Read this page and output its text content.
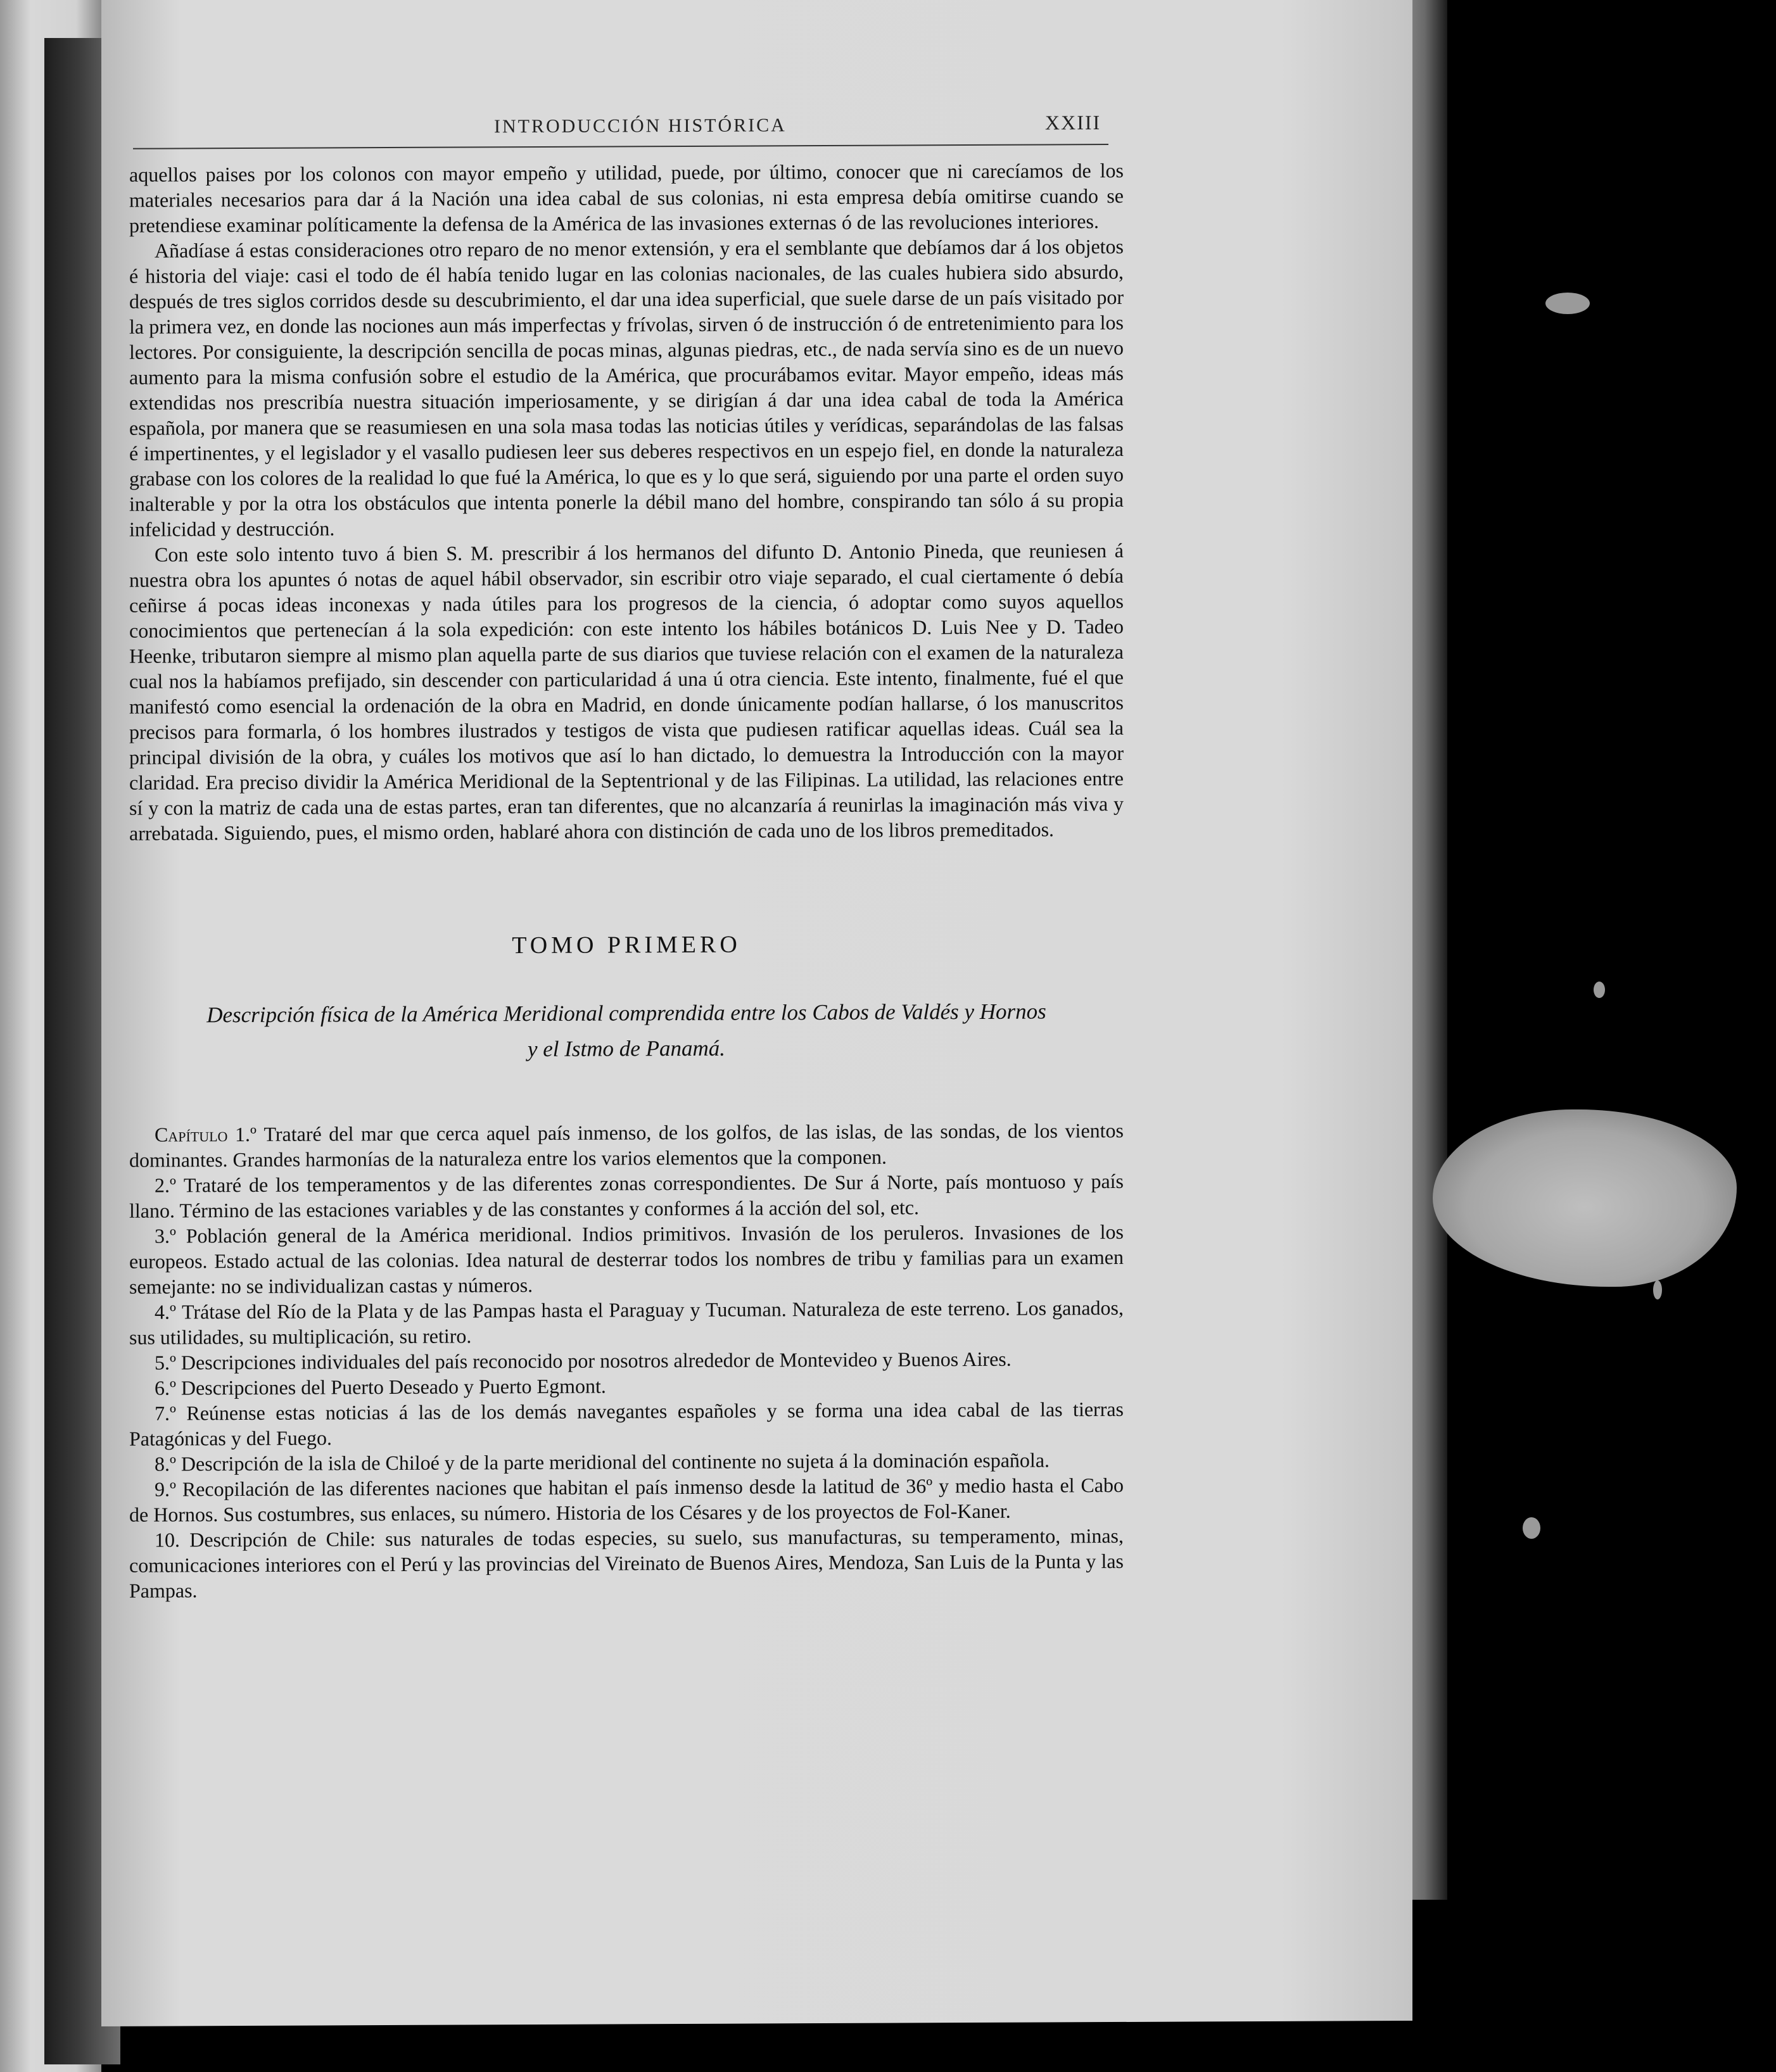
INTRODUCCIÓN HISTÓRICA	XXIII

aquellos paises por los colonos con mayor empeño y utilidad, puede, por último, conocer que ni carecíamos de los materiales necesarios para dar á la Nación una idea cabal de sus colonias, ni esta empresa debía omitirse cuando se pretendiese examinar políticamente la defensa de la América de las invasiones externas ó de las revoluciones interiores.

Añadíase á estas consideraciones otro reparo de no menor extensión, y era el semblante que debíamos dar á los objetos é historia del viaje: casi el todo de él había tenido lugar en las colonias nacionales, de las cuales hubiera sido absurdo, después de tres siglos corridos desde su descubrimiento, el dar una idea superficial, que suele darse de un país visitado por la primera vez, en donde las nociones aun más imperfectas y frívolas, sirven ó de instrucción ó de entretenimiento para los lectores. Por consiguiente, la descripción sencilla de pocas minas, algunas piedras, etc., de nada servía sino es de un nuevo aumento para la misma confusión sobre el estudio de la América, que procurábamos evitar. Mayor empeño, ideas más extendidas nos prescribía nuestra situación imperiosamente, y se dirigían á dar una idea cabal de toda la América española, por manera que se reasumiesen en una sola masa todas las noticias útiles y verídicas, separándolas de las falsas é impertinentes, y el legislador y el vasallo pudiesen leer sus deberes respectivos en un espejo fiel, en donde la naturaleza grabase con los colores de la realidad lo que fué la América, lo que es y lo que será, siguiendo por una parte el orden suyo inalterable y por la otra los obstáculos que intenta ponerle la débil mano del hombre, conspirando tan sólo á su propia infelicidad y destrucción.

Con este solo intento tuvo á bien S. M. prescribir á los hermanos del difunto D. Antonio Pineda, que reuniesen á nuestra obra los apuntes ó notas de aquel hábil observador, sin escribir otro viaje separado, el cual ciertamente ó debía ceñirse á pocas ideas inconexas y nada útiles para los progresos de la ciencia, ó adoptar como suyos aquellos conocimientos que pertenecían á la sola expedición: con este intento los hábiles botánicos D. Luis Nee y D. Tadeo Heenke, tributaron siempre al mismo plan aquella parte de sus diarios que tuviese relación con el examen de la naturaleza cual nos la habíamos prefijado, sin descender con particularidad á una ú otra ciencia. Este intento, finalmente, fué el que manifestó como esencial la ordenación de la obra en Madrid, en donde únicamente podían hallarse, ó los manuscritos precisos para formarla, ó los hombres ilustrados y testigos de vista que pudiesen ratificar aquellas ideas. Cuál sea la principal división de la obra, y cuáles los motivos que así lo han dictado, lo demuestra la Introducción con la mayor claridad. Era preciso dividir la América Meridional de la Septentrional y de las Filipinas. La utilidad, las relaciones entre sí y con la matriz de cada una de estas partes, eran tan diferentes, que no alcanzaría á reunirlas la imaginación más viva y arrebatada. Siguiendo, pues, el mismo orden, hablaré ahora con distinción de cada uno de los libros premeditados.

TOMO PRIMERO
Descripción física de la América Meridional comprendida entre los Cabos de Valdés y Hornos
y el Istmo de Panamá.

Capítulo 1.º Trataré del mar que cerca aquel país inmenso, de los golfos, de las islas, de las sondas, de los vientos dominantes. Grandes harmonías de la naturaleza entre los varios elementos que la componen.

2.º Trataré de los temperamentos y de las diferentes zonas correspondientes. De Sur á Norte, país montuoso y país llano. Término de las estaciones variables y de las constantes y conformes á la acción del sol, etc.

3.º Población general de la América meridional. Indios primitivos. Invasión de los peruleros. Invasiones de los europeos. Estado actual de las colonias. Idea natural de desterrar todos los nombres de tribu y familias para un examen semejante: no se individualizan castas y números.

4.º Trátase del Río de la Plata y de las Pampas hasta el Paraguay y Tucuman. Naturaleza de este terreno. Los ganados, sus utilidades, su multiplicación, su retiro.

5.º Descripciones individuales del país reconocido por nosotros alrededor de Montevideo y Buenos Aires.

6.º Descripciones del Puerto Deseado y Puerto Egmont.

7.º Reúnense estas noticias á las de los demás navegantes españoles y se forma una idea cabal de las tierras Patagónicas y del Fuego.

8.º Descripción de la isla de Chiloé y de la parte meridional del continente no sujeta á la dominación española.

9.º Recopilación de las diferentes naciones que habitan el país inmenso desde la latitud de 36º y medio hasta el Cabo de Hornos. Sus costumbres, sus enlaces, su número. Historia de los Césares y de los proyectos de Fol-Kaner.

10. Descripción de Chile: sus naturales de todas especies, su suelo, sus manufacturas, su temperamento, minas, comunicaciones interiores con el Perú y las provincias del Vireinato de Buenos Aires, Mendoza, San Luis de la Punta y las Pampas.
